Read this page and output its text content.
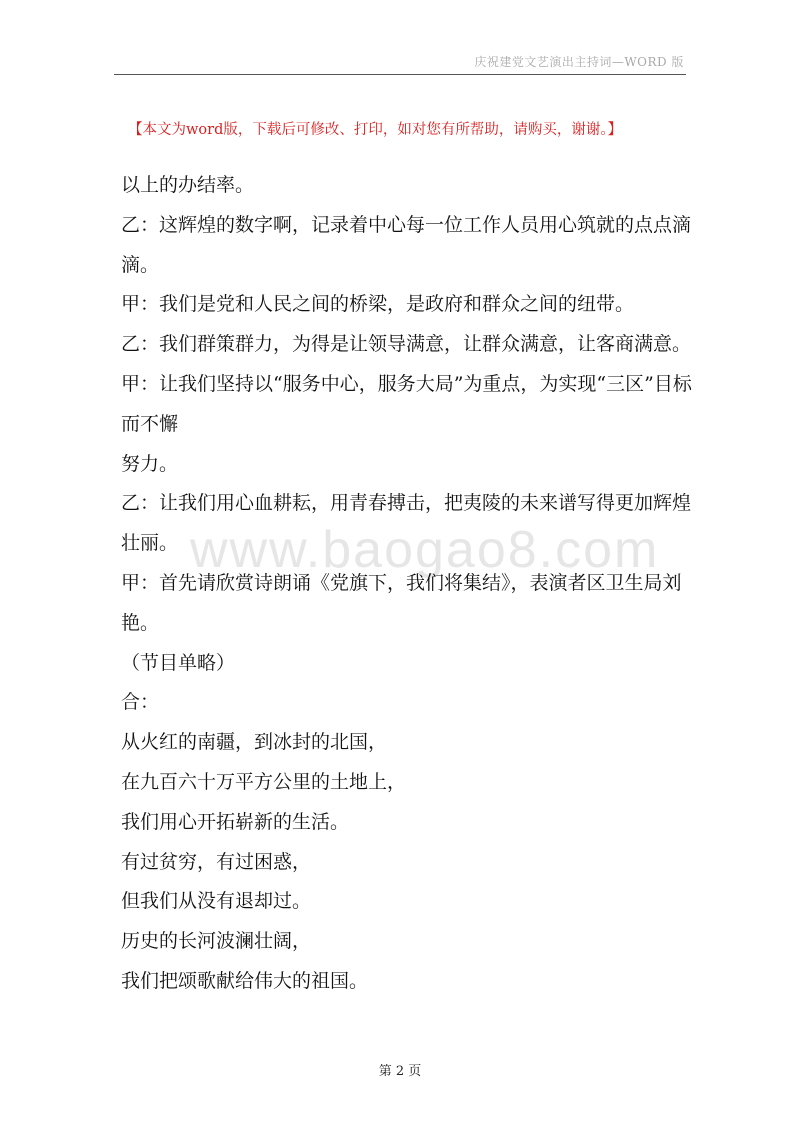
庆祝建党文艺演出主持词—WORD 版
【本文为word版，下载后可修改、打印，如对您有所帮助，请购买，谢谢。】
www.baogao8.com
以上的办结率。
乙：这辉煌的数字啊，记录着中心每一位工作人员用心筑就的点点滴
滴。
甲：我们是党和人民之间的桥梁，是政府和群众之间的纽带。
乙：我们群策群力，为得是让领导满意，让群众满意，让客商满意。
甲：让我们坚持以“服务中心，服务大局”为重点，为实现“三区”目标
而不懈
努力。
乙：让我们用心血耕耘，用青春搏击，把夷陵的未来谱写得更加辉煌
壮丽。
甲：首先请欣赏诗朗诵《党旗下，我们将集结》，表演者区卫生局刘
艳。
（节目单略）
合：
从火红的南疆，到冰封的北国，
在九百六十万平方公里的土地上，
我们用心开拓崭新的生活。
有过贫穷，有过困惑，
但我们从没有退却过。
历史的长河波澜壮阔，
我们把颂歌献给伟大的祖国。
第 2 页
